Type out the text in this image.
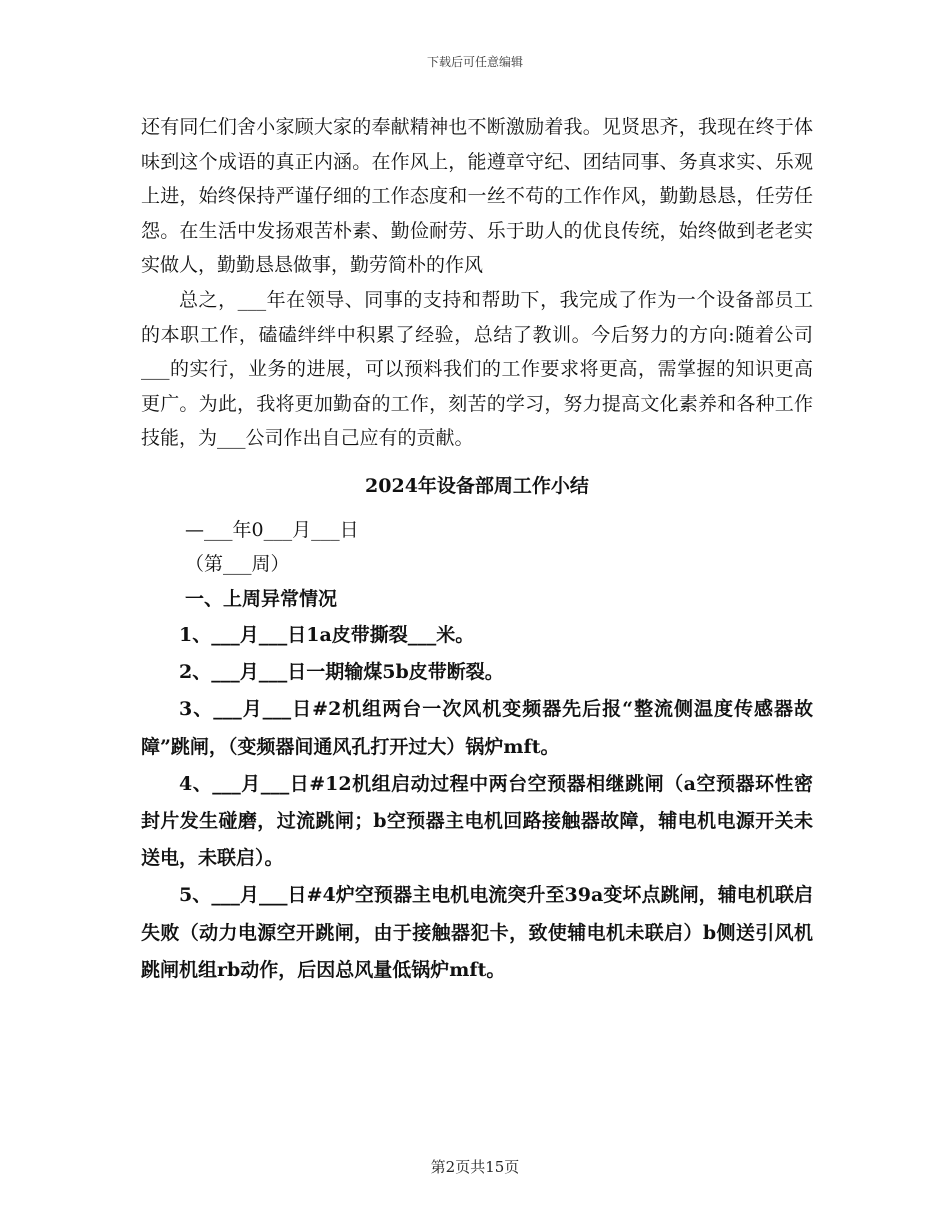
下载后可任意编辑

还有同仁们舍小家顾大家的奉献精神也不断激励着我。见贤思齐，我现在终于体味到这个成语的真正内涵。在作风上，能遵章守纪、团结同事、务真求实、乐观上进，始终保持严谨仔细的工作态度和一丝不苟的工作作风，勤勤恳恳，任劳任怨。在生活中发扬艰苦朴素、勤俭耐劳、乐于助人的优良传统，始终做到老老实实做人，勤勤恳恳做事，勤劳简朴的作风

总之，___年在领导、同事的支持和帮助下，我完成了作为一个设备部员工的本职工作，磕磕绊绊中积累了经验，总结了教训。今后努力的方向:随着公司___的实行，业务的进展，可以预料我们的工作要求将更高，需掌握的知识更高更广。为此，我将更加勤奋的工作，刻苦的学习，努力提高文化素养和各种工作技能，为___公司作出自己应有的贡献。

2024年设备部周工作小结

—___年0___月___日

（第___周）

一、上周异常情况

1、___月___日1a皮带撕裂___米。

2、___月___日一期输煤5b皮带断裂。

3、___月___日#2机组两台一次风机变频器先后报“整流侧温度传感器故障”跳闸，（变频器间通风孔打开过大）锅炉mft。

4、___月___日#12机组启动过程中两台空预器相继跳闸（a空预器环性密封片发生碰磨，过流跳闸；b空预器主电机回路接触器故障，辅电机电源开关未送电，未联启）。

5、___月___日#4炉空预器主电机电流突升至39a变坏点跳闸，辅电机联启失败（动力电源空开跳闸，由于接触器犯卡，致使辅电机未联启）b侧送引风机跳闸机组rb动作，后因总风量低锅炉mft。

第2页共15页
